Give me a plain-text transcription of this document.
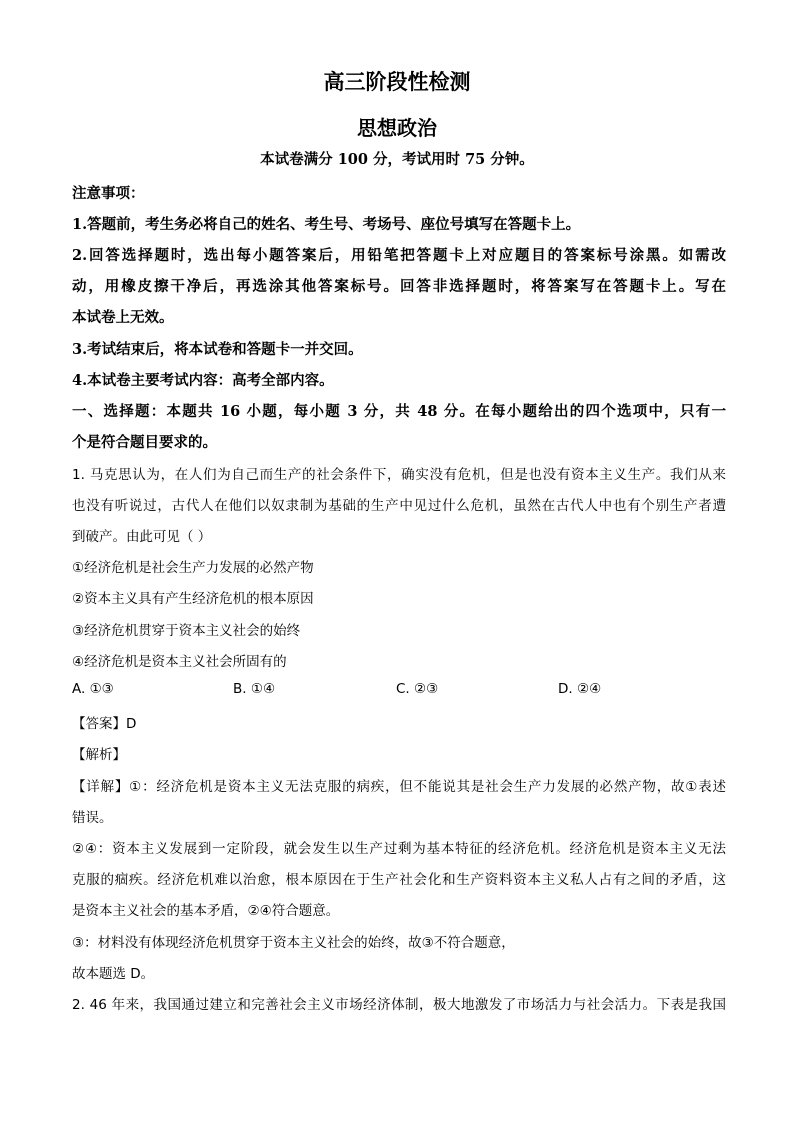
高三阶段性检测
思想政治
本试卷满分 100 分，考试用时 75 分钟。
注意事项：
1.答题前，考生务必将自己的姓名、考生号、考场号、座位号填写在答题卡上。
2.回答选择题时，选出每小题答案后，用铅笔把答题卡上对应题目的答案标号涂黑。如需改
动，用橡皮擦干净后，再选涂其他答案标号。回答非选择题时，将答案写在答题卡上。写在
本试卷上无效。
3.考试结束后，将本试卷和答题卡一并交回。
4.本试卷主要考试内容：高考全部内容。
一、选择题：本题共 16 小题，每小题 3 分，共 48 分。在每小题给出的四个选项中，只有一
个是符合题目要求的。
1. 马克思认为，在人们为自己而生产的社会条件下，确实没有危机，但是也没有资本主义生产。我们从来
也没有听说过，古代人在他们以奴隶制为基础的生产中见过什么危机，虽然在古代人中也有个别生产者遭
到破产。由此可见（ ）
①经济危机是社会生产力发展的必然产物
②资本主义具有产生经济危机的根本原因
③经济危机贯穿于资本主义社会的始终
④经济危机是资本主义社会所固有的
A. ①③	B. ①④	C. ②③	D. ②④
【答案】D
【解析】
【详解】①：经济危机是资本主义无法克服的病疾，但不能说其是社会生产力发展的必然产物，故①表述
错误。
②④：资本主义发展到一定阶段，就会发生以生产过剩为基本特征的经济危机。经济危机是资本主义无法
克服的痼疾。经济危机难以治愈，根本原因在于生产社会化和生产资料资本主义私人占有之间的矛盾，这
是资本主义社会的基本矛盾，②④符合题意。
③：材料没有体现经济危机贯穿于资本主义社会的始终，故③不符合题意，
故本题选 D。
2. 46 年来，我国通过建立和完善社会主义市场经济体制，极大地激发了市场活力与社会活力。下表是我国
